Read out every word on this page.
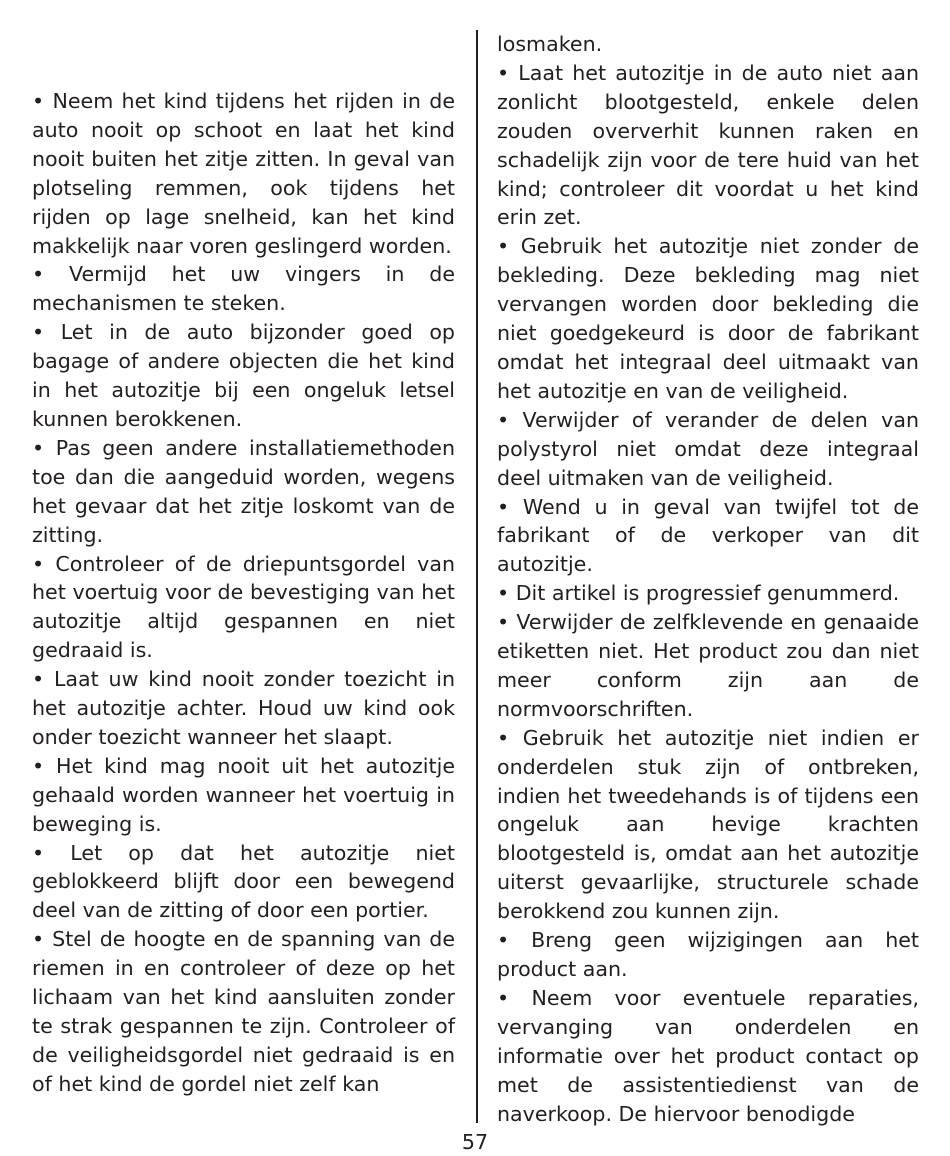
• Neem het kind tijdens het rijden in de auto nooit op schoot en laat het kind nooit buiten het zitje zitten. In geval van plotseling remmen, ook tijdens het rijden op lage snelheid, kan het kind makkelijk naar voren geslingerd worden.

• Vermijd het uw vingers in de mechanismen te steken.

• Let in de auto bijzonder goed op bagage of andere objecten die het kind in het autozitje bij een ongeluk letsel kunnen berokkenen.

• Pas geen andere installatiemethoden toe dan die aangeduid worden, wegens het gevaar dat het zitje loskomt van de zitting.

• Controleer of de driepuntsgordel van het voertuig voor de bevestiging van het autozitje altijd gespannen en niet gedraaid is.

• Laat uw kind nooit zonder toezicht in het autozitje achter. Houd uw kind ook onder toezicht wanneer het slaapt.

• Het kind mag nooit uit het autozitje gehaald worden wanneer het voertuig in beweging is.

• Let op dat het autozitje niet geblokkeerd blijft door een bewegend deel van de zitting of door een portier.

• Stel de hoogte en de spanning van de riemen in en controleer of deze op het lichaam van het kind aansluiten zonder te strak gespannen te zijn. Controleer of de veiligheidsgordel niet gedraaid is en of het kind de gordel niet zelf kan

losmaken.

• Laat het autozitje in de auto niet aan zonlicht blootgesteld, enkele delen zouden oververhit kunnen raken en schadelijk zijn voor de tere huid van het kind; controleer dit voordat u het kind erin zet.

• Gebruik het autozitje niet zonder de bekleding. Deze bekleding mag niet vervangen worden door bekleding die niet goedgekeurd is door de fabrikant omdat het integraal deel uitmaakt van het autozitje en van de veiligheid.

• Verwijder of verander de delen van polystyrol niet omdat deze integraal deel uitmaken van de veiligheid.

• Wend u in geval van twijfel tot de fabrikant of de verkoper van dit autozitje.

• Dit artikel is progressief genummerd.

• Verwijder de zelfklevende en genaaide etiketten niet. Het product zou dan niet meer conform zijn aan de normvoorschriften.

• Gebruik het autozitje niet indien er onderdelen stuk zijn of ontbreken, indien het tweedehands is of tijdens een ongeluk aan hevige krachten blootgesteld is, omdat aan het autozitje uiterst gevaarlijke, structurele schade berokkend zou kunnen zijn.

• Breng geen wijzigingen aan het product aan.

• Neem voor eventuele reparaties, vervanging van onderdelen en informatie over het product contact op met de assistentiedienst van de naverkoop. De hiervoor benodigde

57
